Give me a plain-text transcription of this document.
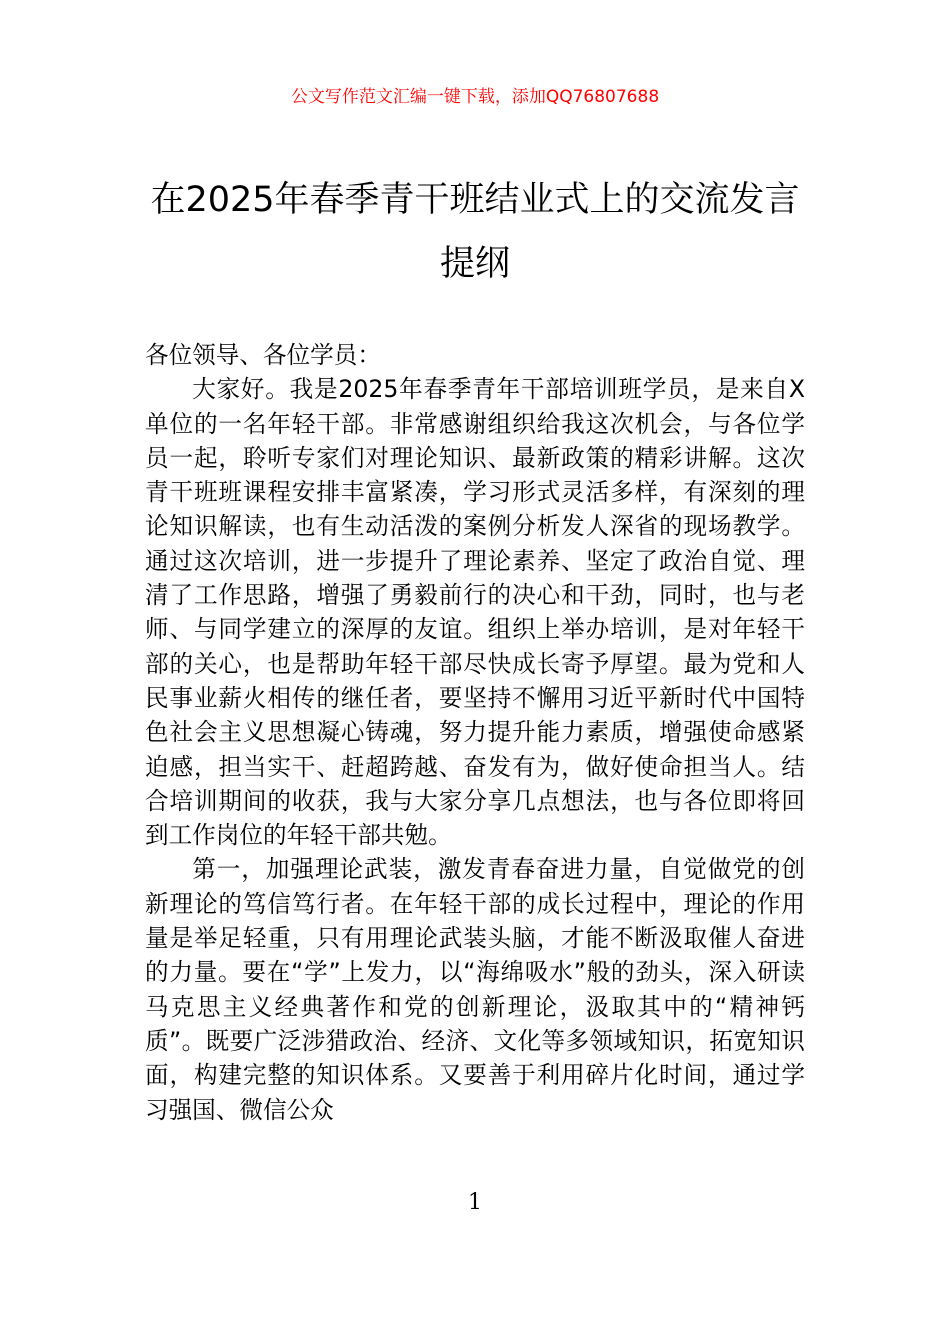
公文写作范文汇编一键下载，添加QQ76807688
在2025年春季青干班结业式上的交流发言
提纲

各位领导、各位学员：

大家好。我是2025年春季青年干部培训班学员，是来自X单位的一名年轻干部。非常感谢组织给我这次机会，与各位学员一起，聆听专家们对理论知识、最新政策的精彩讲解。这次青干班班课程安排丰富紧凑，学习形式灵活多样，有深刻的理论知识解读，也有生动活泼的案例分析发人深省的现场教学。通过这次培训，进一步提升了理论素养、坚定了政治自觉、理清了工作思路，增强了勇毅前行的决心和干劲，同时，也与老师、与同学建立的深厚的友谊。组织上举办培训，是对年轻干部的关心，也是帮助年轻干部尽快成长寄予厚望。最为党和人民事业薪火相传的继任者，要坚持不懈用习近平新时代中国特色社会主义思想凝心铸魂，努力提升能力素质，增强使命感紧迫感，担当实干、赶超跨越、奋发有为，做好使命担当人。结合培训期间的收获，我与大家分享几点想法，也与各位即将回到工作岗位的年轻干部共勉。

第一，加强理论武装，激发青春奋进力量，自觉做党的创新理论的笃信笃行者。在年轻干部的成长过程中，理论的作用量是举足轻重，只有用理论武装头脑，才能不断汲取催人奋进的力量。要在“学”上发力，以“海绵吸水”般的劲头，深入研读马克思主义经典著作和党的创新理论，汲取其中的“精神钙质”。既要广泛涉猎政治、经济、文化等多领域知识，拓宽知识面，构建完整的知识体系。又要善于利用碎片化时间，通过学习强国、微信公众

1
